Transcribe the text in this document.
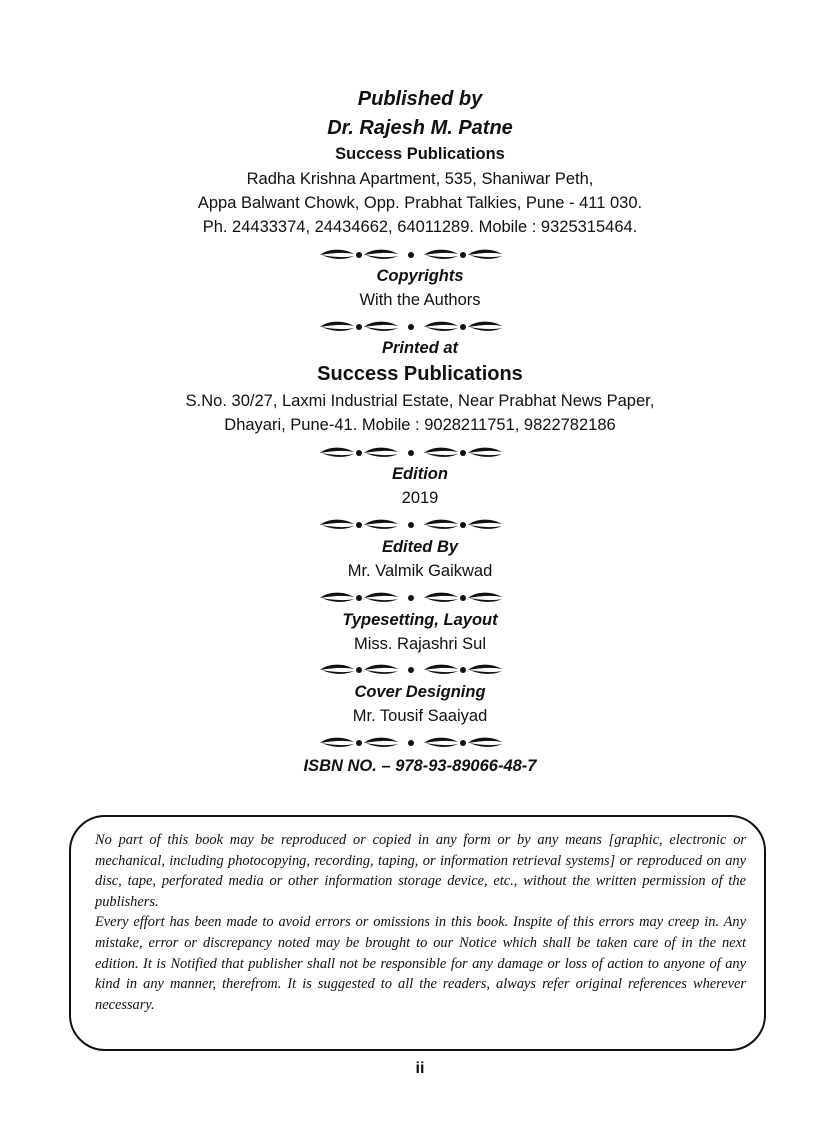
Published by
Dr. Rajesh M. Patne
Success Publications
Radha Krishna Apartment, 535, Shaniwar Peth,
Appa Balwant Chowk, Opp. Prabhat Talkies, Pune - 411 030.
Ph. 24433374, 24434662, 64011289. Mobile : 9325315464.
Copyrights
With the Authors
Printed at
Success Publications
S.No. 30/27, Laxmi Industrial Estate, Near Prabhat News Paper,
Dhayari, Pune-41. Mobile : 9028211751, 9822782186
Edition
2019
Edited By
Mr. Valmik Gaikwad
Typesetting, Layout
Miss. Rajashri Sul
Cover Designing
Mr. Tousif Saaiyad
ISBN NO. – 978-93-89066-48-7

No part of this book may be reproduced or copied in any form or by any means [graphic, electronic or mechanical, including photocopying, recording, taping, or information retrieval systems] or reproduced on any disc, tape, perforated media or other information storage device, etc., without the written permission of the publishers.

Every effort has been made to avoid errors or omissions in this book. Inspite of this errors may creep in. Any mistake, error or discrepancy noted may be brought to our Notice which shall be taken care of in the next edition. It is Notified that publisher shall not be responsible for any damage or loss of action to anyone of any kind in any manner, therefrom. It is suggested to all the readers, always refer original references wherever necessary.

ii
